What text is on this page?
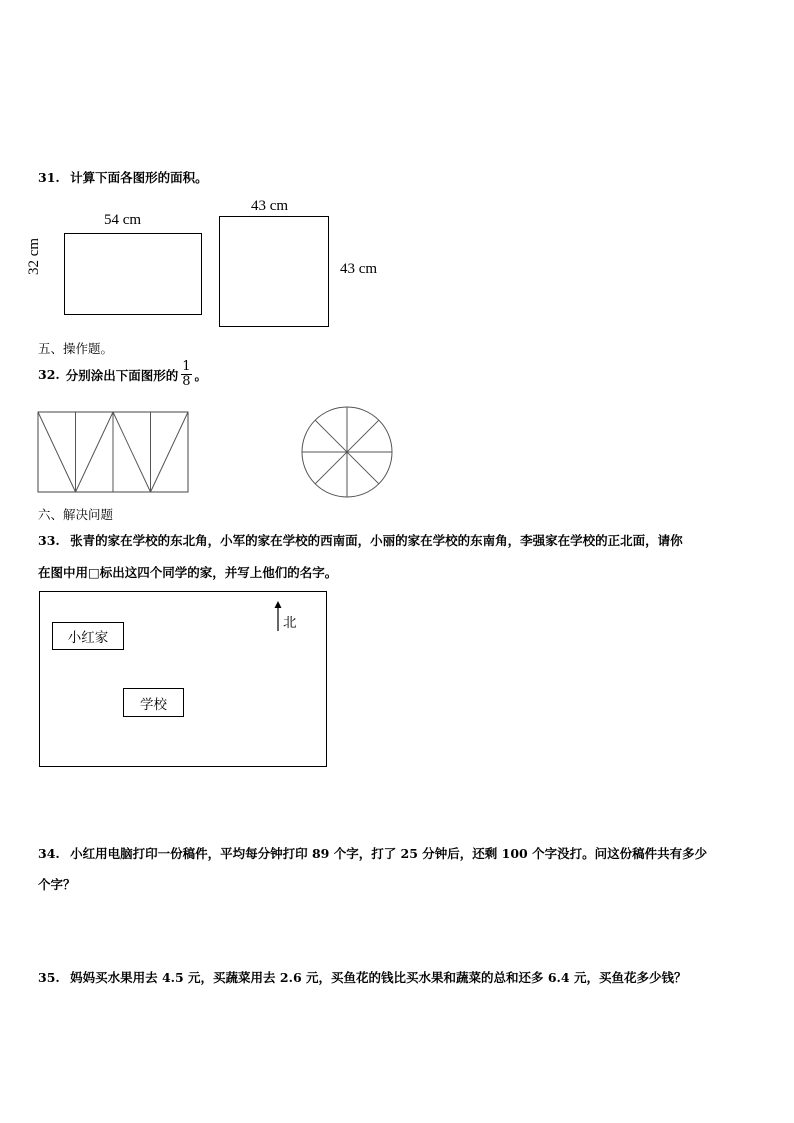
31. 计算下面各图形的面积。
54 cm
32 cm
43 cm
43 cm
五、操作题。
32. 分别涂出下面图形的 $\frac{1}{8}$ 。
六、解决问题
33. 张青的家在学校的东北角，小军的家在学校的西南面，小丽的家在学校的东南角，李强家在学校的正北面，请你
在图中用□标出这四个同学的家，并写上他们的名字。
小红家
学校
北
34. 小红用电脑打印一份稿件，平均每分钟打印 89 个字，打了 25 分钟后，还剩 100 个字没打。问这份稿件共有多少
个字？
35. 妈妈买水果用去 4.5 元，买蔬菜用去 2.6 元，买鱼花的钱比买水果和蔬菜的总和还多 6.4 元，买鱼花多少钱？
